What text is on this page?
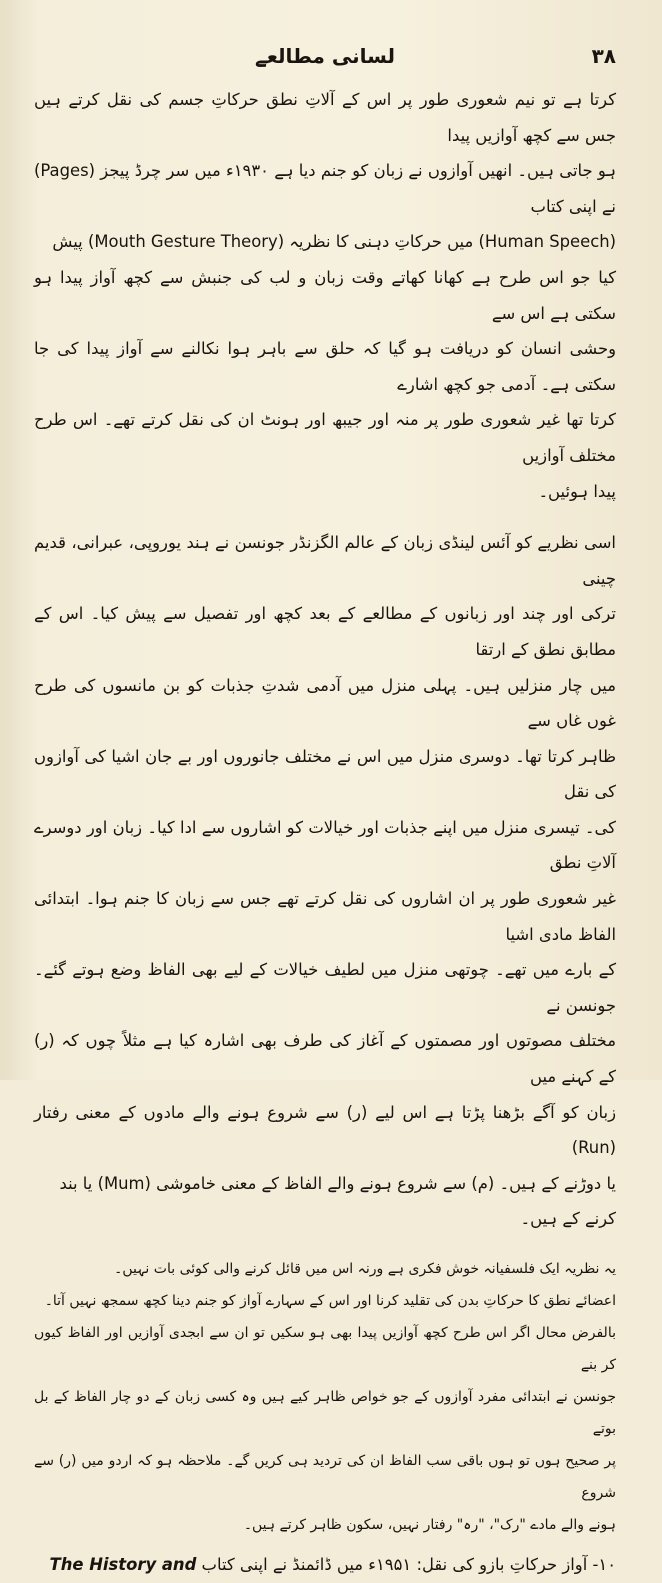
۳۸
لسانی مطالعے
کرتا ہے تو نیم شعوری طور پر اس کے آلاتِ نطق حرکاتِ جسم کی نقل کرتے ہیں جس سے کچھ آوازیں پیدا
ہو جاتی ہیں۔ انھیں آوازوں نے زبان کو جنم دیا ہے ۱۹۳۰ء میں سر چرڈ پیجز (Pages) نے اپنی کتاب
(Human Speech) میں حرکاتِ دہنی کا نظریہ (Mouth Gesture Theory) پیش
کیا جو اس طرح ہے کھانا کھاتے وقت زبان و لب کی جنبش سے کچھ آواز پیدا ہو سکتی ہے اس سے
وحشی انسان کو دریافت ہو گیا کہ حلق سے باہر ہوا نکالنے سے آواز پیدا کی جا سکتی ہے۔ آدمی جو کچھ اشارے
کرتا تھا غیر شعوری طور پر منہ اور جیبھ اور ہونٹ ان کی نقل کرتے تھے۔ اس طرح مختلف آوازیں
پیدا ہوئیں۔
اسی نظریے کو آئس لینڈی زبان کے عالم الگزنڈر جونسن نے ہند یوروپی، عبرانی، قدیم چینی
ترکی اور چند اور زبانوں کے مطالعے کے بعد کچھ اور تفصیل سے پیش کیا۔ اس کے مطابق نطق کے ارتقا
میں چار منزلیں ہیں۔ پہلی منزل میں آدمی شدتِ جذبات کو بن مانسوں کی طرح غوں غاں سے
ظاہر کرتا تھا۔ دوسری منزل میں اس نے مختلف جانوروں اور بے جان اشیا کی آوازوں کی نقل
کی۔ تیسری منزل میں اپنے جذبات اور خیالات کو اشاروں سے ادا کیا۔ زبان اور دوسرے آلاتِ نطق
غیر شعوری طور پر ان اشاروں کی نقل کرتے تھے جس سے زبان کا جنم ہوا۔ ابتدائی الفاظ مادی اشیا
کے بارے میں تھے۔ چوتھی منزل میں لطیف خیالات کے لیے بھی الفاظ وضع ہوتے گئے۔ جونسن نے
مختلف مصوتوں اور مصمتوں کے آغاز کی طرف بھی اشارہ کیا ہے مثلاً چوں کہ (ر) کے کہنے میں
زبان کو آگے بڑھنا پڑتا ہے اس لیے (ر) سے شروع ہونے والے مادوں کے معنی رفتار (Run)
یا دوڑنے کے ہیں۔ (م) سے شروع ہونے والے الفاظ کے معنی خاموشی (Mum) یا بند
کرنے کے ہیں۔
یہ نظریہ ایک فلسفیانہ خوش فکری ہے ورنہ اس میں قائل کرنے والی کوئی بات نہیں۔
اعضائے نطق کا حرکاتِ بدن کی تقلید کرنا اور اس کے سہارے آواز کو جنم دینا کچھ سمجھ نہیں آتا۔
بالفرض محال اگر اس طرح کچھ آوازیں پیدا بھی ہو سکیں تو ان سے ابجدی آوازیں اور الفاظ کیوں کر بنے
جونسن نے ابتدائی مفرد آوازوں کے جو خواص ظاہر کیے ہیں وہ کسی زبان کے دو چار الفاظ کے بل بوتے
پر صحیح ہوں تو ہوں باقی سب الفاظ ان کی تردید ہی کریں گے۔ ملاحظہ ہو کہ اردو میں (ر) سے شروع
ہونے والے مادے "رک"، "رہ" رفتار نہیں، سکون ظاہر کرتے ہیں۔
۱۰- آواز حرکاتِ بازو کی نقل: ۱۹۵۱ء میں ڈائمنڈ نے اپنی کتاب The History and
